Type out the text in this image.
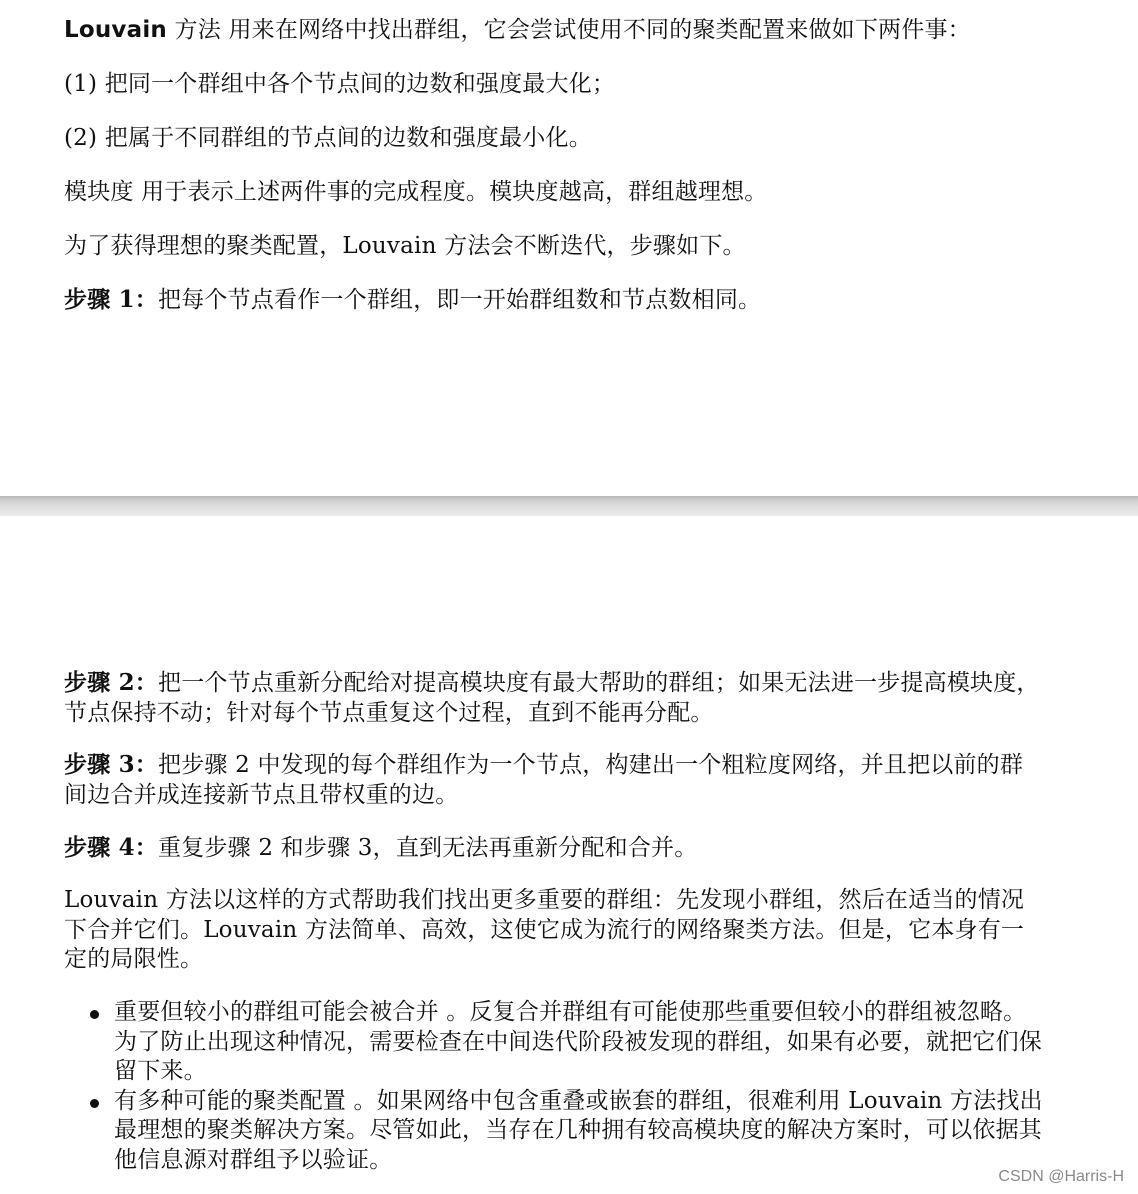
Louvain 方法 用来在网络中找出群组，它会尝试使用不同的聚类配置来做如下两件事：
(1) 把同一个群组中各个节点间的边数和强度最大化；
(2) 把属于不同群组的节点间的边数和强度最小化。
模块度 用于表示上述两件事的完成程度。模块度越高，群组越理想。
为了获得理想的聚类配置，Louvain 方法会不断迭代，步骤如下。
步骤 1：把每个节点看作一个群组，即一开始群组数和节点数相同。
步骤 2：把一个节点重新分配给对提高模块度有最大帮助的群组；如果无法进一步提高模块度，节点保持不动；针对每个节点重复这个过程，直到不能再分配。
步骤 3：把步骤 2 中发现的每个群组作为一个节点，构建出一个粗粒度网络，并且把以前的群间边合并成连接新节点且带权重的边。
步骤 4：重复步骤 2 和步骤 3，直到无法再重新分配和合并。
Louvain 方法以这样的方式帮助我们找出更多重要的群组：先发现小群组，然后在适当的情况下合并它们。Louvain 方法简单、高效，这使它成为流行的网络聚类方法。但是，它本身有一定的局限性。
重要但较小的群组可能会被合并 。反复合并群组有可能使那些重要但较小的群组被忽略。为了防止出现这种情况，需要检查在中间迭代阶段被发现的群组，如果有必要，就把它们保留下来。
有多种可能的聚类配置 。如果网络中包含重叠或嵌套的群组，很难利用 Louvain 方法找出最理想的聚类解决方案。尽管如此，当存在几种拥有较高模块度的解决方案时，可以依据其他信息源对群组予以验证。
CSDN @Harris-H
